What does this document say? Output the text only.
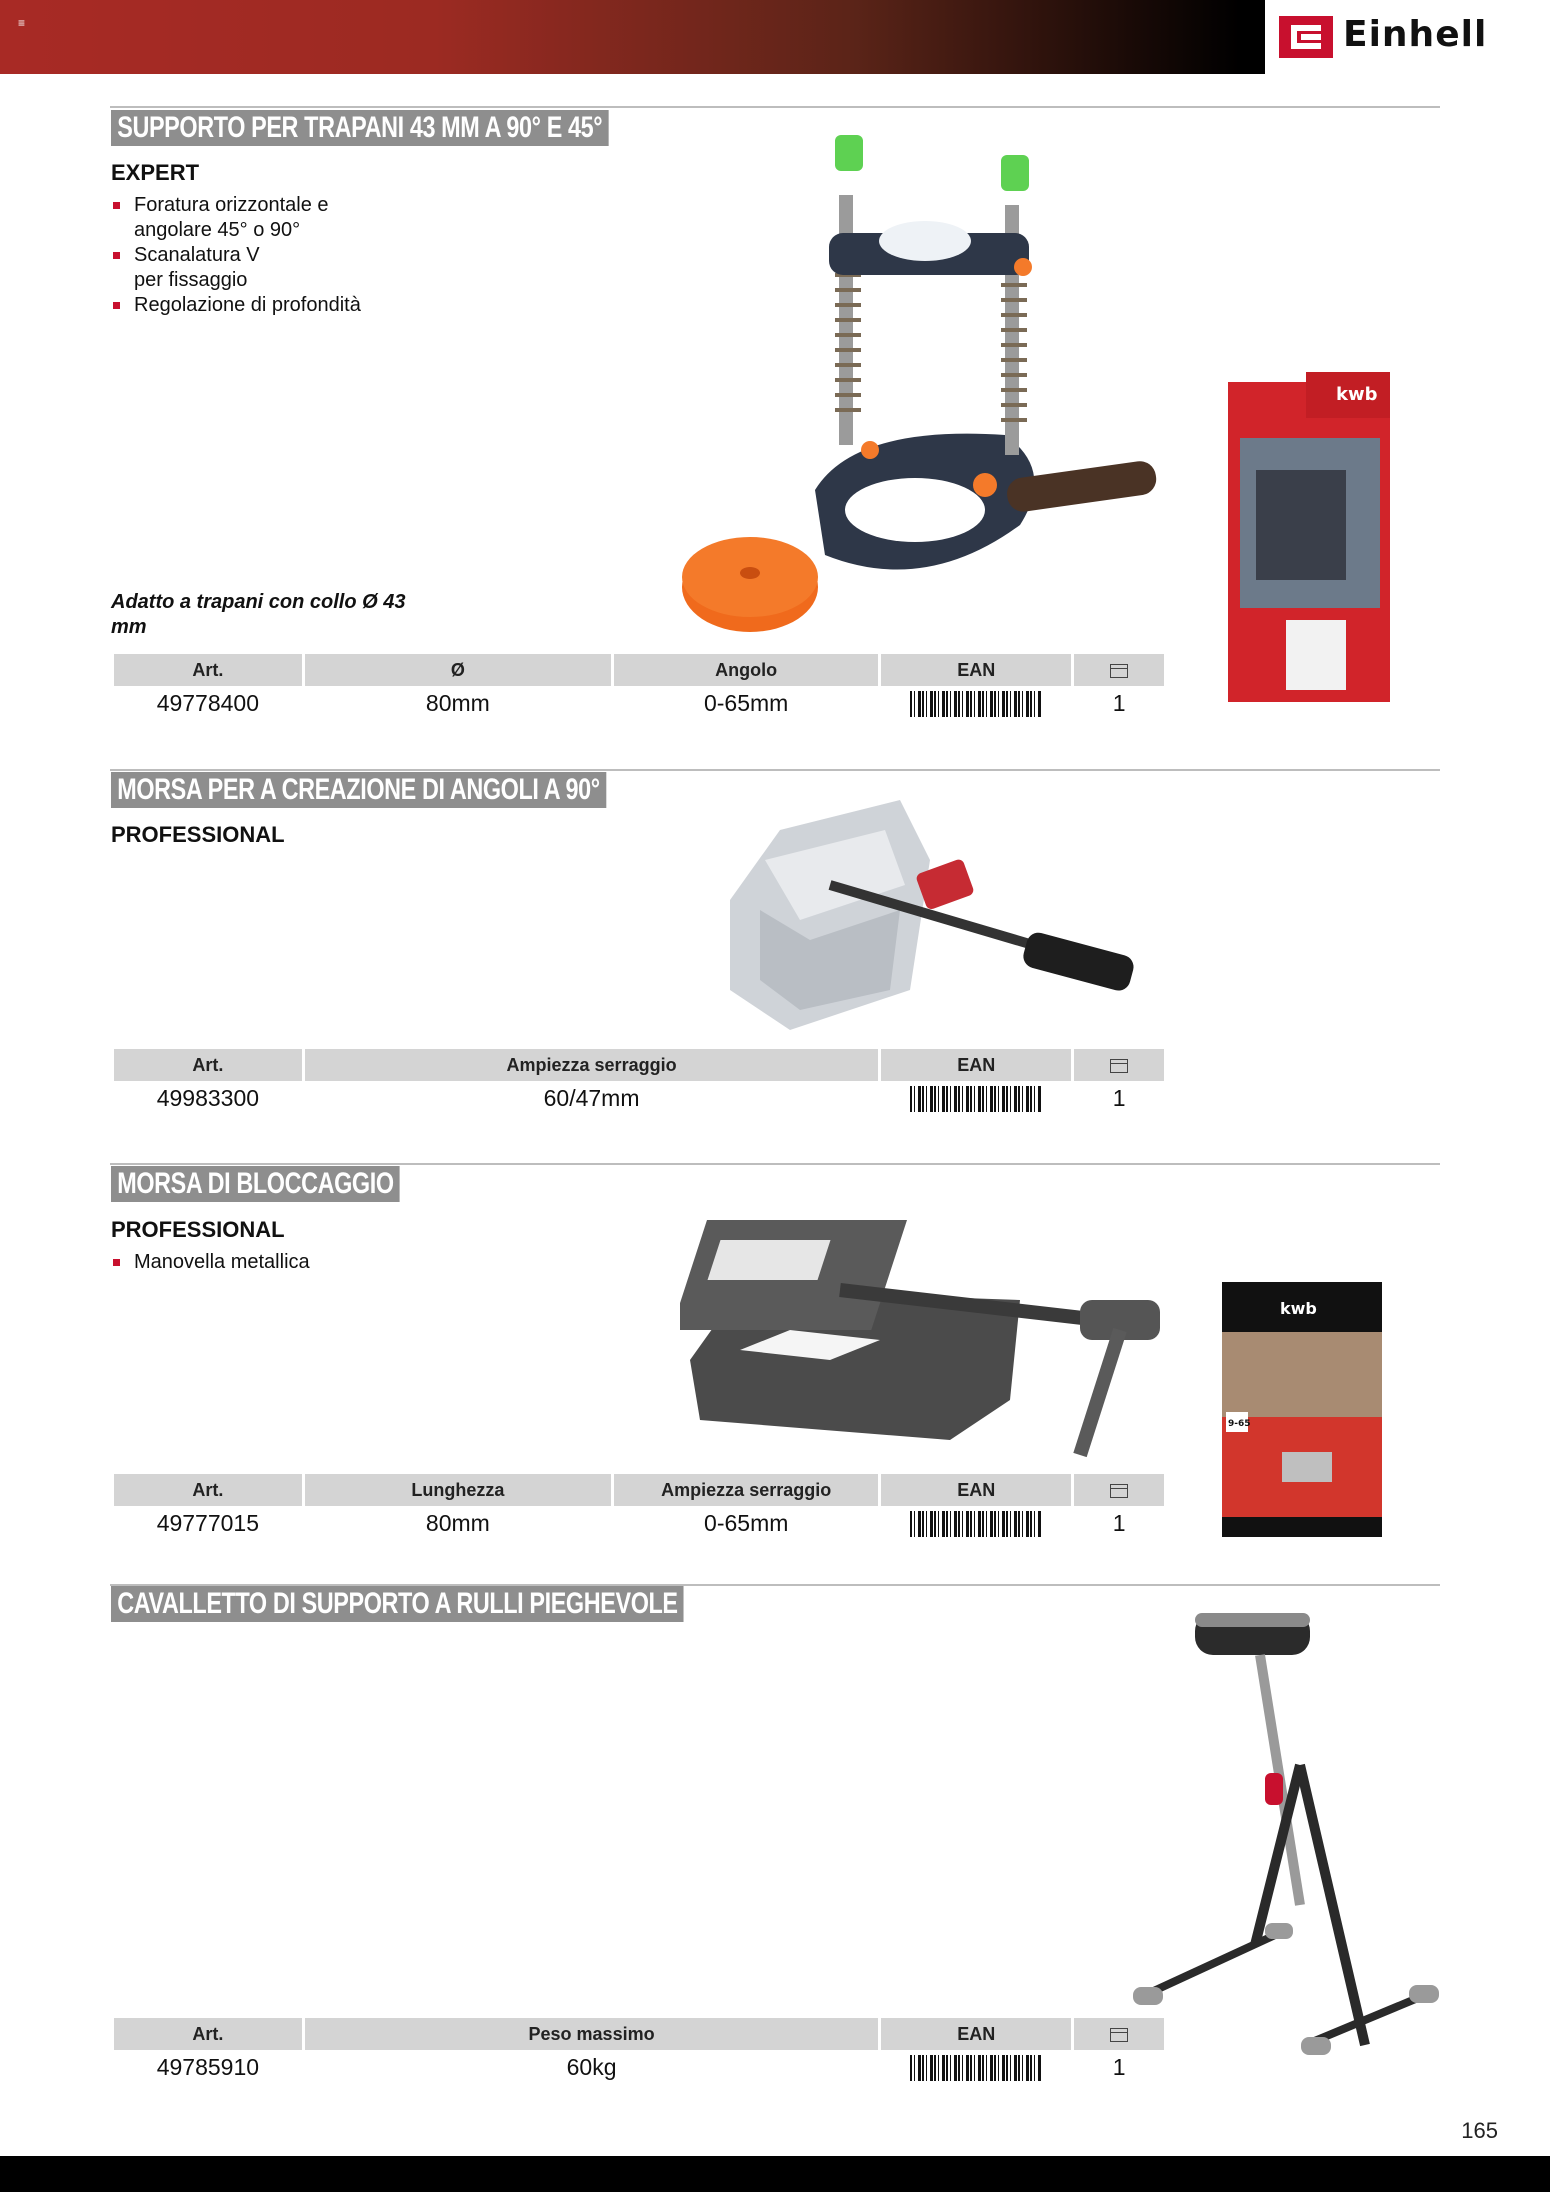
≡	Einhell
SUPPORTO PER TRAPANI 43 MM A 90° E 45°
EXPERT
Foratura orizzontale e angolare 45° o 90°
Scanalatura V per fissaggio
Regolazione di profondità
Adatto a trapani con collo Ø 43 mm
kwb
Art.	Ø	Angolo	EAN	
49778400	80mm	0-65mm		1
MORSA PER A CREAZIONE DI ANGOLI A 90°
PROFESSIONAL
Art.	Ampiezza serraggio	EAN	
49983300	60/47mm		1
MORSA DI BLOCCAGGIO
PROFESSIONAL
Manovella metallica
kwb
9-65
Art.	Lunghezza	Ampiezza serraggio	EAN	
49777015	80mm	0-65mm		1
CAVALLETTO DI SUPPORTO A RULLI PIEGHEVOLE
Art.	Peso massimo	EAN	
49785910	60kg		1
165
